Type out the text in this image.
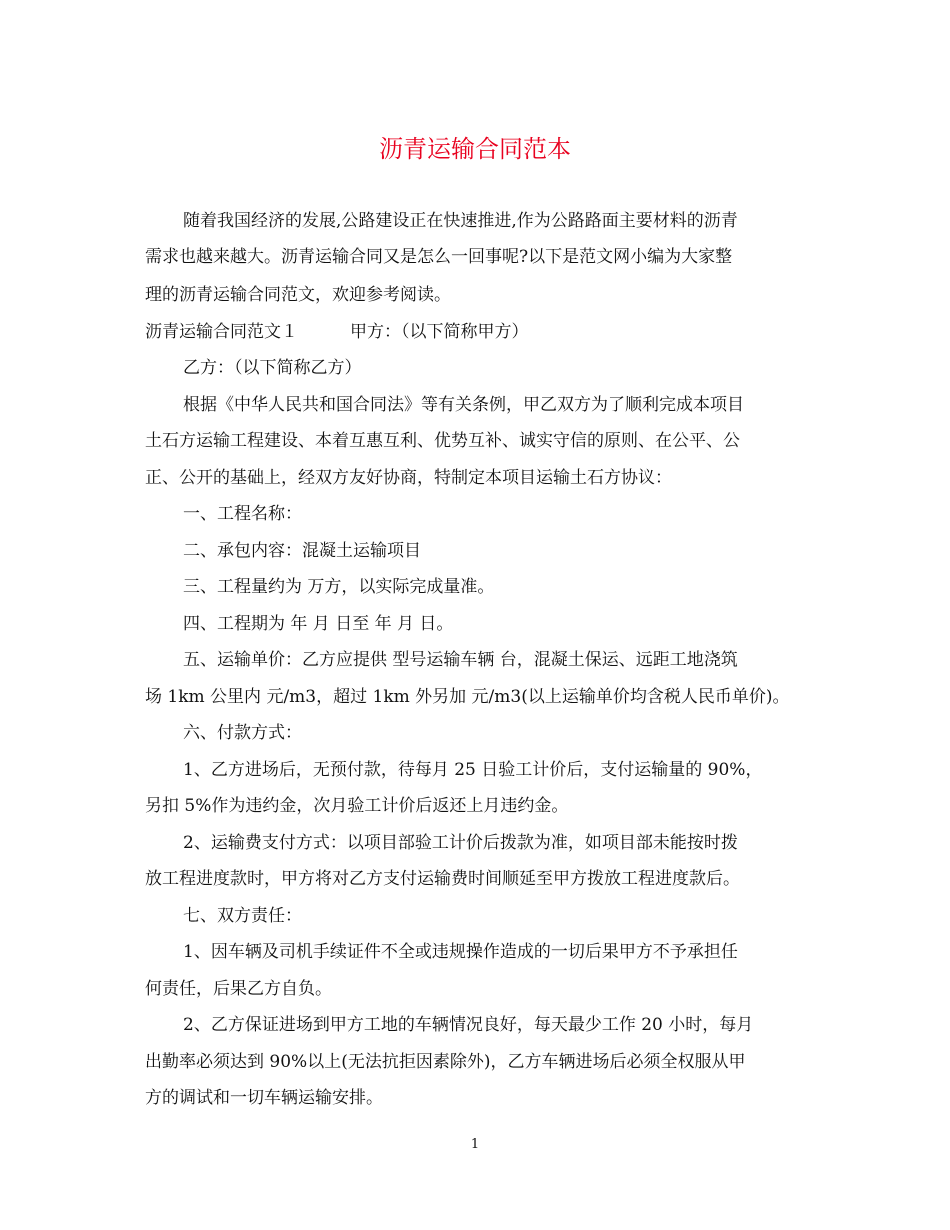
沥青运输合同范本
随着我国经济的发展,公路建设正在快速推进,作为公路路面主要材料的沥青
需求也越来越大。沥青运输合同又是怎么一回事呢?以下是范文网小编为大家整
理的沥青运输合同范文，欢迎参考阅读。
沥青运输合同范文１	甲方：（以下简称甲方）
乙方：（以下简称乙方）
根据《中华人民共和国合同法》等有关条例，甲乙双方为了顺利完成本项目
土石方运输工程建设、本着互惠互利、优势互补、诚实守信的原则、在公平、公
正、公开的基础上，经双方友好协商，特制定本项目运输土石方协议：
一、工程名称：
二、承包内容：混凝土运输项目
三、工程量约为 万方，以实际完成量准。
四、工程期为 年 月 日至 年 月 日。
五、运输单价：乙方应提供 型号运输车辆 台，混凝土保运、远距工地浇筑
场 1km 公里内 元/m3，超过 1km 外另加 元/m3(以上运输单价均含税人民币单价)。
六、付款方式：
1、乙方进场后，无预付款，待每月 25 日验工计价后，支付运输量的 90%，
另扣 5%作为违约金，次月验工计价后返还上月违约金。
2、运输费支付方式：以项目部验工计价后拨款为准，如项目部未能按时拨
放工程进度款时，甲方将对乙方支付运输费时间顺延至甲方拨放工程进度款后。
七、双方责任：
1、因车辆及司机手续证件不全或违规操作造成的一切后果甲方不予承担任
何责任，后果乙方自负。
2、乙方保证进场到甲方工地的车辆情况良好，每天最少工作 20 小时，每月
出勤率必须达到 90%以上(无法抗拒因素除外)，乙方车辆进场后必须全权服从甲
方的调试和一切车辆运输安排。
1
